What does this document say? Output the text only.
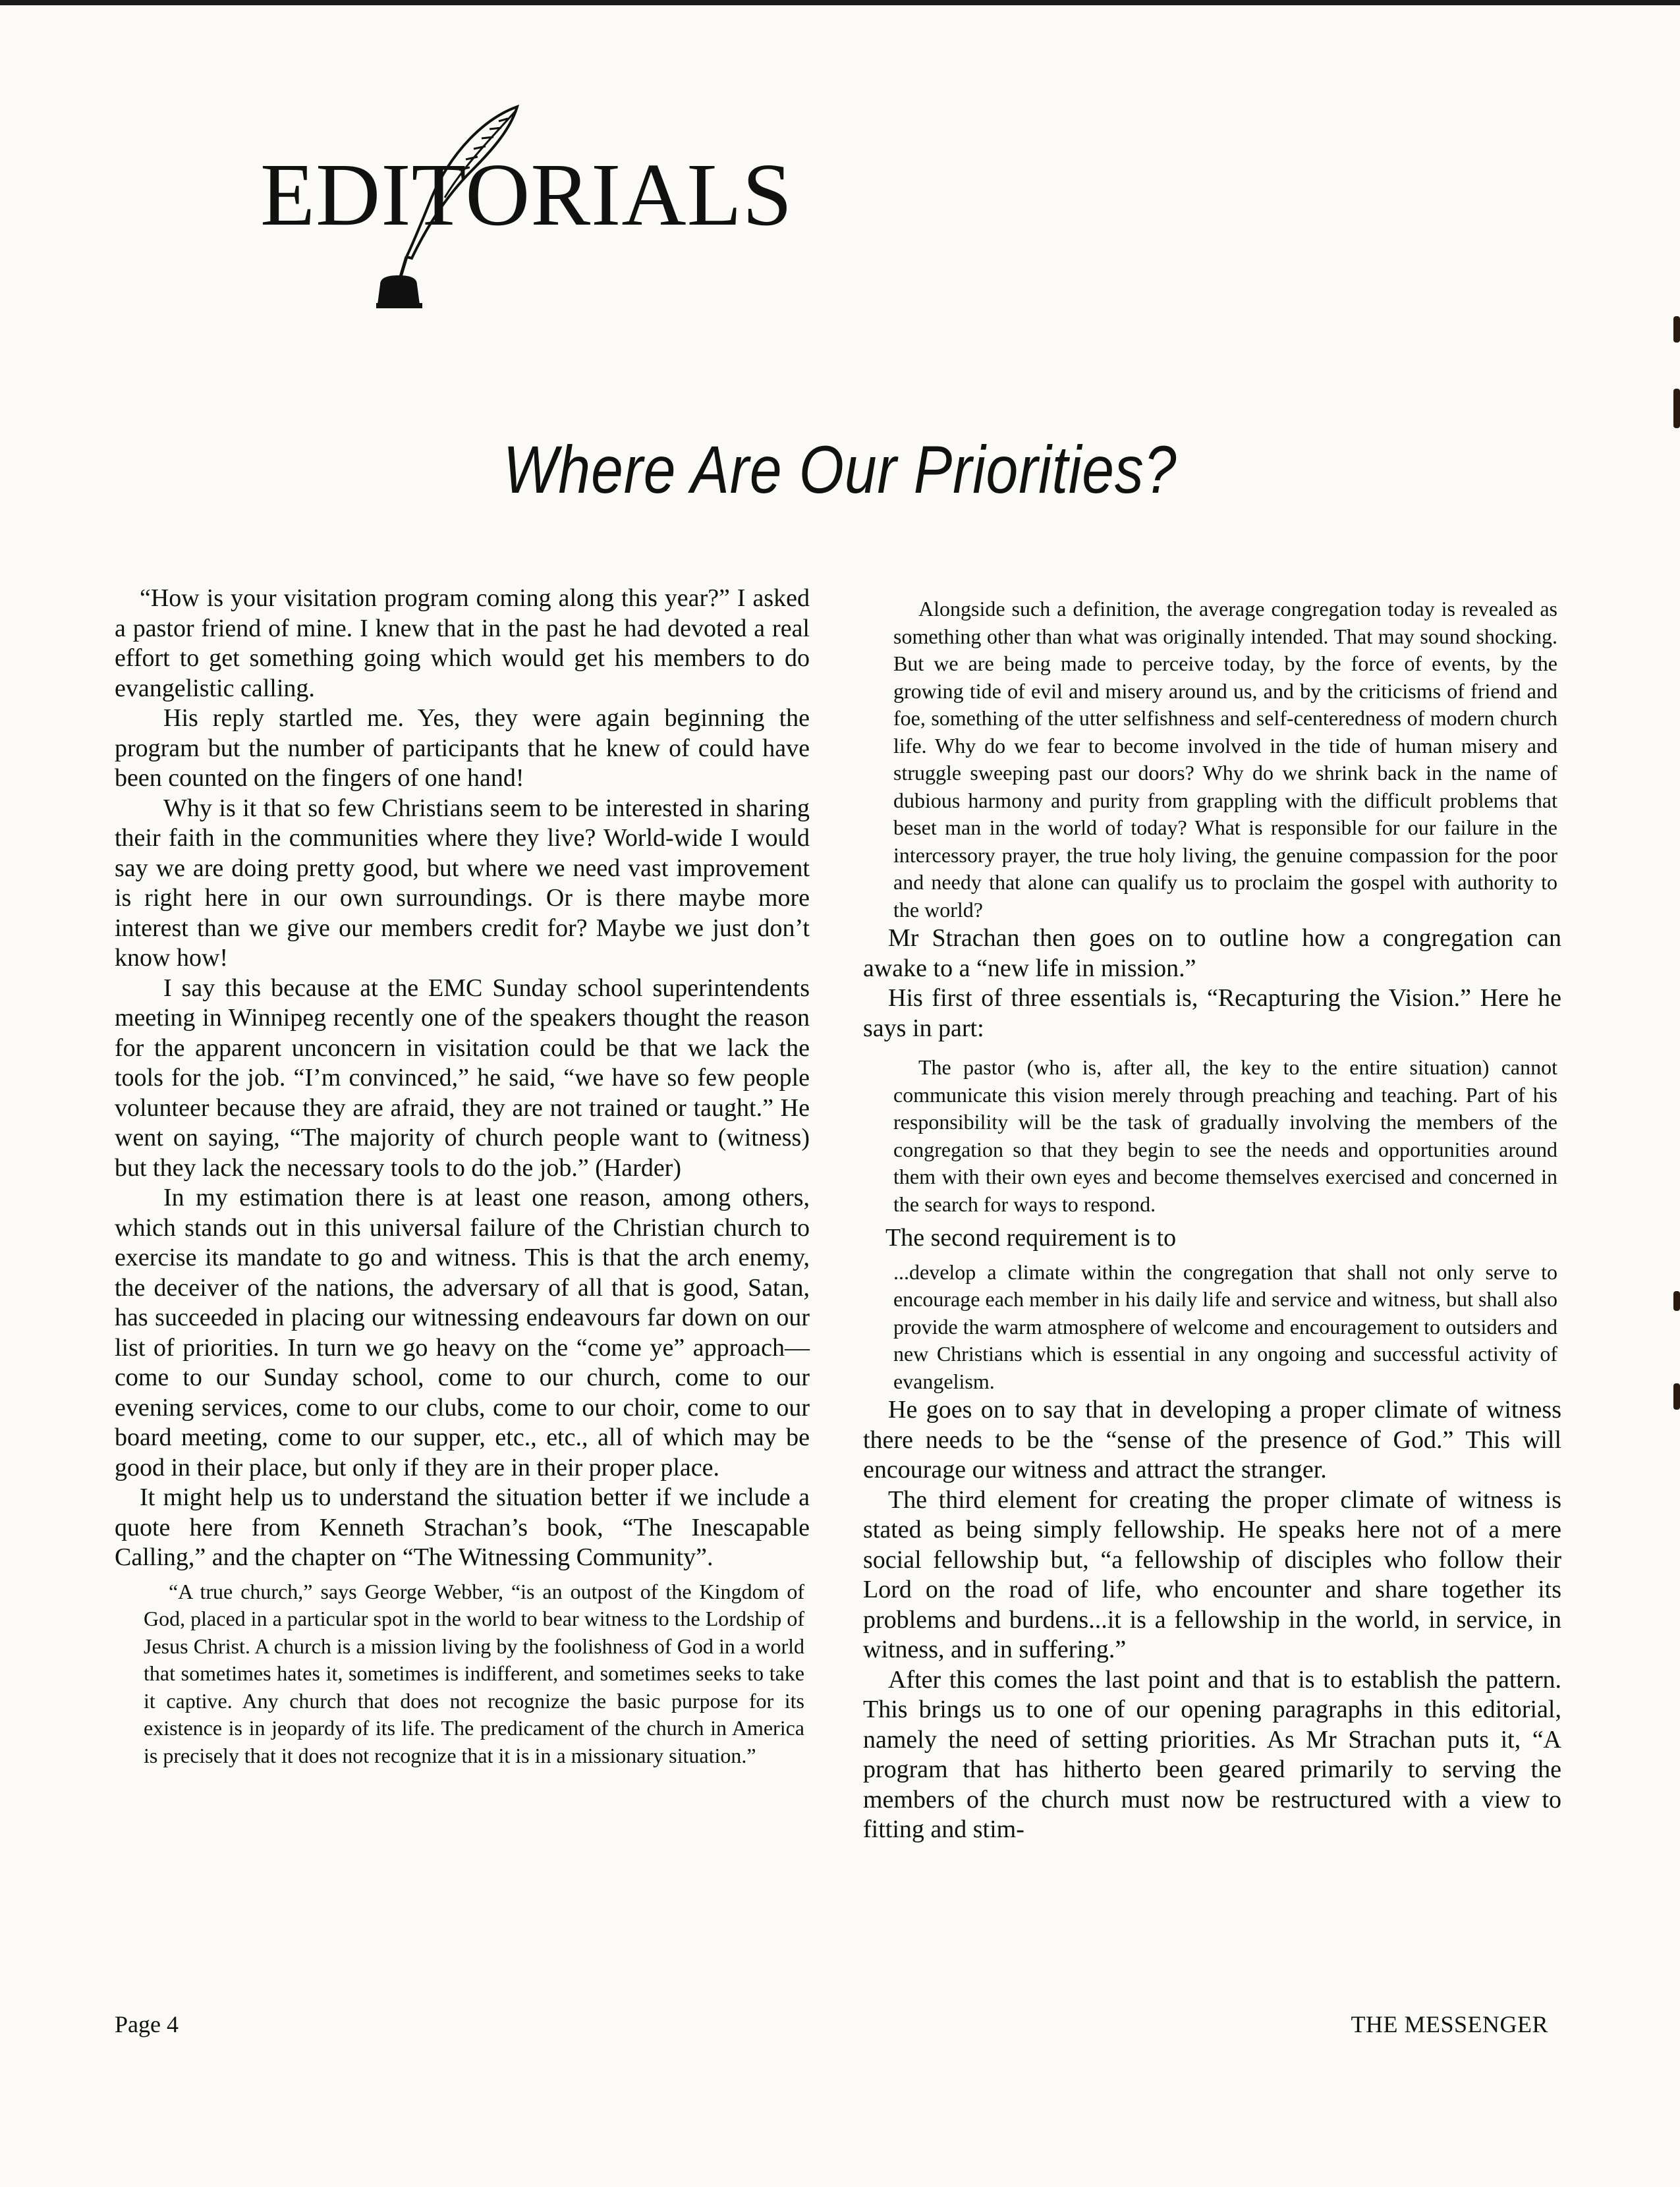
EDITORIALS
Where Are Our Priorities?

“How is your visitation program coming along this year?” I asked a pastor friend of mine. I knew that in the past he had devoted a real effort to get something going which would get his members to do evangelistic calling.

His reply startled me. Yes, they were again beginning the program but the number of participants that he knew of could have been counted on the fingers of one hand!

Why is it that so few Christians seem to be interested in sharing their faith in the communities where they live? World-wide I would say we are doing pretty good, but where we need vast improvement is right here in our own surroundings. Or is there maybe more interest than we give our members credit for? Maybe we just don’t know how!

I say this because at the EMC Sunday school superintendents meeting in Winnipeg recently one of the speakers thought the reason for the apparent unconcern in visitation could be that we lack the tools for the job. “I’m convinced,” he said, “we have so few people volunteer because they are afraid, they are not trained or taught.” He went on saying, “The majority of church people want to (witness) but they lack the necessary tools to do the job.” (Harder)

In my estimation there is at least one reason, among others, which stands out in this universal failure of the Christian church to exercise its mandate to go and witness. This is that the arch enemy, the deceiver of the nations, the adversary of all that is good, Satan, has succeeded in placing our witnessing endeavours far down on our list of priorities. In turn we go heavy on the “come ye” approach—come to our Sunday school, come to our church, come to our evening services, come to our clubs, come to our choir, come to our board meeting, come to our supper, etc., etc., all of which may be good in their place, but only if they are in their proper place.

It might help us to understand the situation better if we include a quote here from Kenneth Strachan’s book, “The Inescapable Calling,” and the chapter on “The Witnessing Community”.

“A true church,” says George Webber, “is an outpost of the Kingdom of God, placed in a particular spot in the world to bear witness to the Lordship of Jesus Christ. A church is a mission living by the foolishness of God in a world that sometimes hates it, sometimes is indifferent, and sometimes seeks to take it captive. Any church that does not recognize the basic purpose for its existence is in jeopardy of its life. The predicament of the church in America is precisely that it does not recognize that it is in a missionary situation.”

Alongside such a definition, the average congregation today is revealed as something other than what was originally intended. That may sound shocking. But we are being made to perceive today, by the force of events, by the growing tide of evil and misery around us, and by the criticisms of friend and foe, something of the utter selfishness and self-centeredness of modern church life. Why do we fear to become involved in the tide of human misery and struggle sweeping past our doors? Why do we shrink back in the name of dubious harmony and purity from grappling with the difficult problems that beset man in the world of today? What is responsible for our failure in the intercessory prayer, the true holy living, the genuine compassion for the poor and needy that alone can qualify us to proclaim the gospel with authority to the world?

Mr Strachan then goes on to outline how a congregation can awake to a “new life in mission.”

His first of three essentials is, “Recapturing the Vision.” Here he says in part:

The pastor (who is, after all, the key to the entire situation) cannot communicate this vision merely through preaching and teaching. Part of his responsibility will be the task of gradually involving the members of the congregation so that they begin to see the needs and opportunities around them with their own eyes and become themselves exercised and concerned in the search for ways to respond.

The second requirement is to

...develop a climate within the congregation that shall not only serve to encourage each member in his daily life and service and witness, but shall also provide the warm atmosphere of welcome and encouragement to outsiders and new Christians which is essential in any ongoing and successful activity of evangelism.

He goes on to say that in developing a proper climate of witness there needs to be the “sense of the presence of God.” This will encourage our witness and attract the stranger.

The third element for creating the proper climate of witness is stated as being simply fellowship. He speaks here not of a mere social fellowship but, “a fellowship of disciples who follow their Lord on the road of life, who encounter and share together its problems and burdens...it is a fellowship in the world, in service, in witness, and in suffering.”

After this comes the last point and that is to establish the pattern. This brings us to one of our opening paragraphs in this editorial, namely the need of setting priorities. As Mr Strachan puts it, “A program that has hitherto been geared primarily to serving the members of the church must now be restructured with a view to fitting and stim-

Page 4	THE MESSENGER
